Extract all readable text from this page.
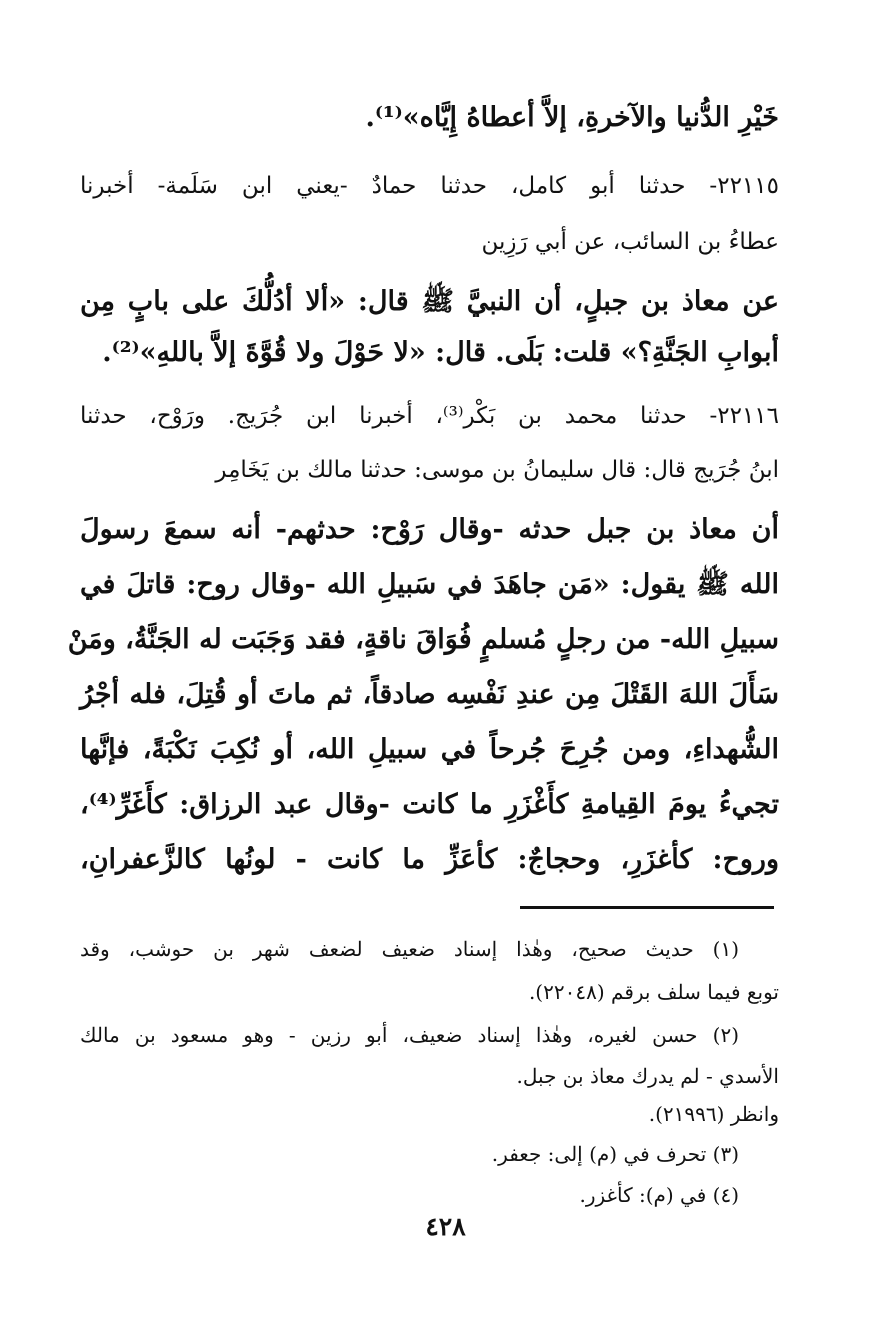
خَيْرِ الدُّنيا والآخرةِ، إلاَّ أعطاهُ إِيَّاه»⁽¹⁾.
٢٢١١٥- حدثنا أبو كامل، حدثنا حمادٌ -يعني ابن سَلَمة- أخبرنا
عطاءُ بن السائب، عن أبي رَزِين
عن معاذ بن جبلٍ، أن النبيَّ ﷺ قال: «ألا أدُلُّكَ على بابٍ مِن
أبوابِ الجَنَّةِ؟» قلت: بَلَى. قال: «لا حَوْلَ ولا قُوَّةَ إلاَّ باللهِ»⁽²⁾.
٢٢١١٦- حدثنا محمد بن بَكْر⁽³⁾، أخبرنا ابن جُرَيج. ورَوْح، حدثنا
ابنُ جُرَيج قال: قال سليمانُ بن موسى: حدثنا مالك بن يَخَامِر
أن معاذ بن جبل حدثه -وقال رَوْح: حدثهم- أنه سمعَ رسولَ
الله ﷺ يقول: «مَن جاهَدَ في سَبيلِ الله -وقال روح: قاتلَ في
سبيلِ الله- من رجلٍ مُسلمٍ فُوَاقَ ناقةٍ، فقد وَجَبَت له الجَنَّةُ، ومَنْ
سَأَلَ اللهَ القَتْلَ مِن عندِ نَفْسِه صادقاً، ثم ماتَ أو قُتِلَ، فله أجْرُ
الشُّهداءِ، ومن جُرِحَ جُرحاً في سبيلِ الله، أو نُكِبَ نَكْبَةً، فإنَّها
تجيءُ يومَ القِيامةِ كأَغْزَرِ ما كانت -وقال عبد الرزاق: كأَغَرِّ⁽⁴⁾،
وروح: كأغزَرِ، وحجاجٌ: كأعَزِّ ما كانت - لونُها كالزَّعفرانِ،
(١) حديث صحيح، وهٰذا إسناد ضعيف لضعف شهر بن حوشب، وقد
توبع فيما سلف برقم (٢٢٠٤٨).
(٢) حسن لغيره، وهٰذا إسناد ضعيف، أبو رزين - وهو مسعود بن مالك
الأسدي - لم يدرك معاذ بن جبل.
وانظر (٢١٩٩٦).
(٣) تحرف في (م) إلى: جعفر.
(٤) في (م): كأغزر.
٤٢٨
